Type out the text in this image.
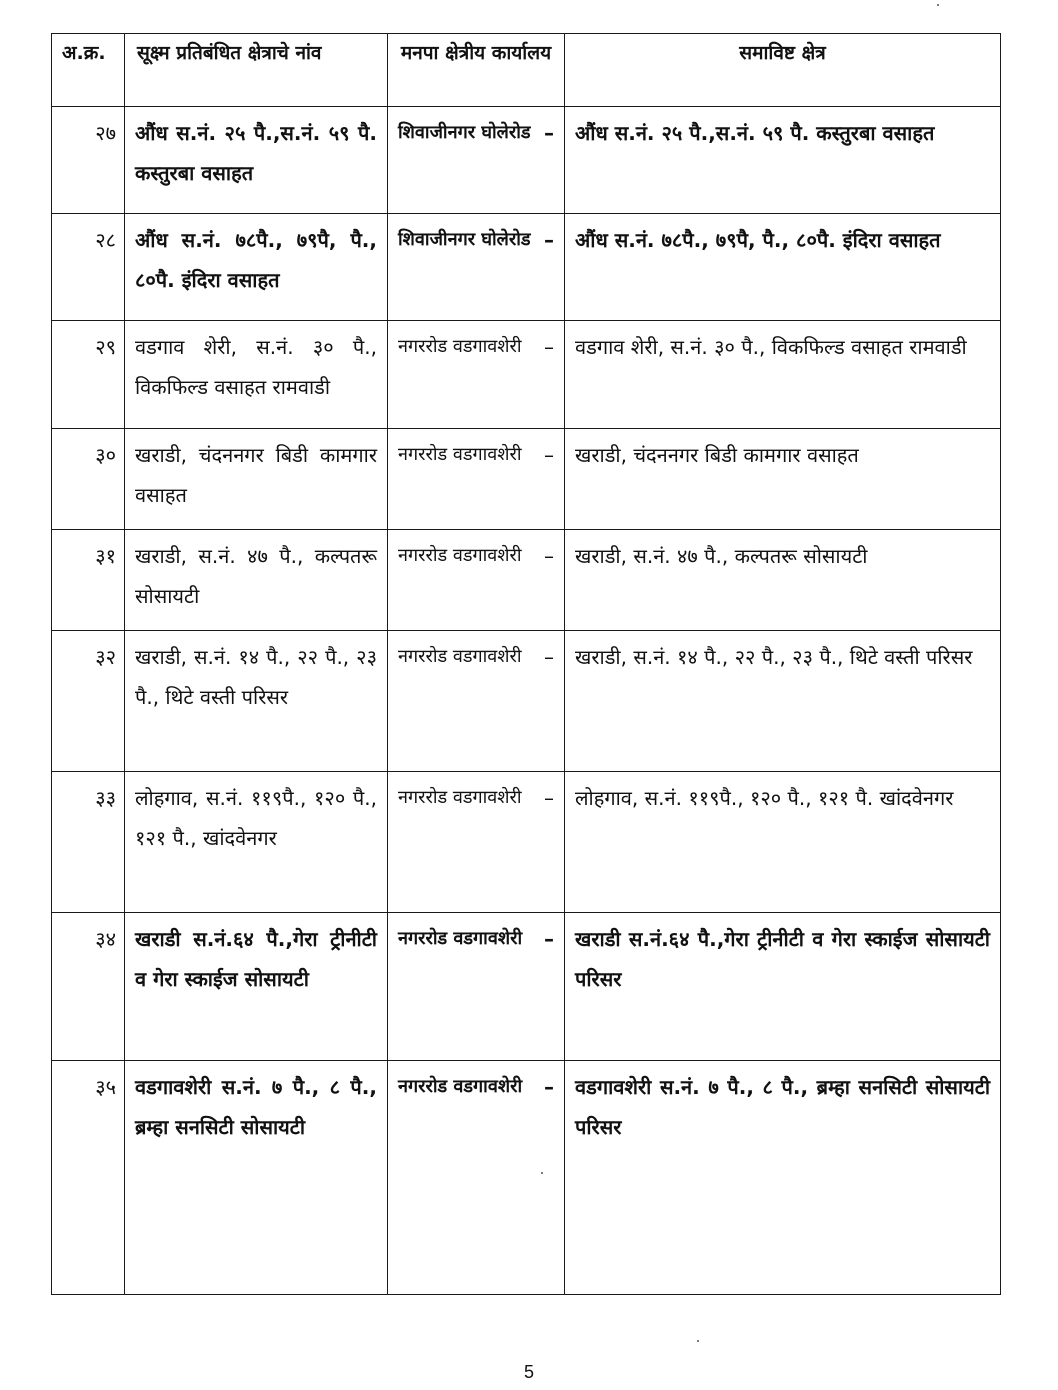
अ.क्र.	सूक्ष्म प्रतिबंधित क्षेत्राचे नांव	मनपा क्षेत्रीय कार्यालय	समाविष्ट क्षेत्र
२७	औंध स.नं. २५ पै.,स.नं. ५९ पै. कस्तुरबा वसाहत	शिवाजीनगर घोलेरोड –	औंध स.नं. २५ पै.,स.नं. ५९ पै. कस्तुरबा वसाहत
२८	औंध स.नं. ७८पै., ७९पै, पै., ८०पै. इंदिरा वसाहत	शिवाजीनगर घोलेरोड –	औंध स.नं. ७८पै., ७९पै, पै., ८०पै. इंदिरा वसाहत
२९	वडगाव शेरी, स.नं. ३० पै., विकफिल्ड वसाहत रामवाडी	नगररोड वडगावशेरी –	वडगाव शेरी, स.नं. ३० पै., विकफिल्ड वसाहत रामवाडी
३०	खराडी, चंदननगर बिडी कामगार वसाहत	नगररोड वडगावशेरी –	खराडी, चंदननगर बिडी कामगार वसाहत
३१	खराडी, स.नं. ४७ पै., कल्पतरू सोसायटी	नगररोड वडगावशेरी –	खराडी, स.नं. ४७ पै., कल्पतरू सोसायटी
३२	खराडी, स.नं. १४ पै., २२ पै., २३ पै., थिटे वस्ती परिसर	नगररोड वडगावशेरी –	खराडी, स.नं. १४ पै., २२ पै., २३ पै., थिटे वस्ती परिसर
३३	लोहगाव, स.नं. ११९पै., १२० पै., १२१ पै., खांदवेनगर	नगररोड वडगावशेरी –	लोहगाव, स.नं. ११९पै., १२० पै., १२१ पै. खांदवेनगर
३४	खराडी स.नं.६४ पै.,गेरा ट्रीनीटी व गेरा स्काईज सोसायटी	नगररोड वडगावशेरी –	खराडी स.नं.६४ पै.,गेरा ट्रीनीटी व गेरा स्काईज सोसायटी परिसर
३५	वडगावशेरी स.नं. ७ पै., ८ पै., ब्रम्हा सनसिटी सोसायटी	नगररोड वडगावशेरी –	वडगावशेरी स.नं. ७ पै., ८ पै., ब्रम्हा सनसिटी सोसायटी परिसर
5
